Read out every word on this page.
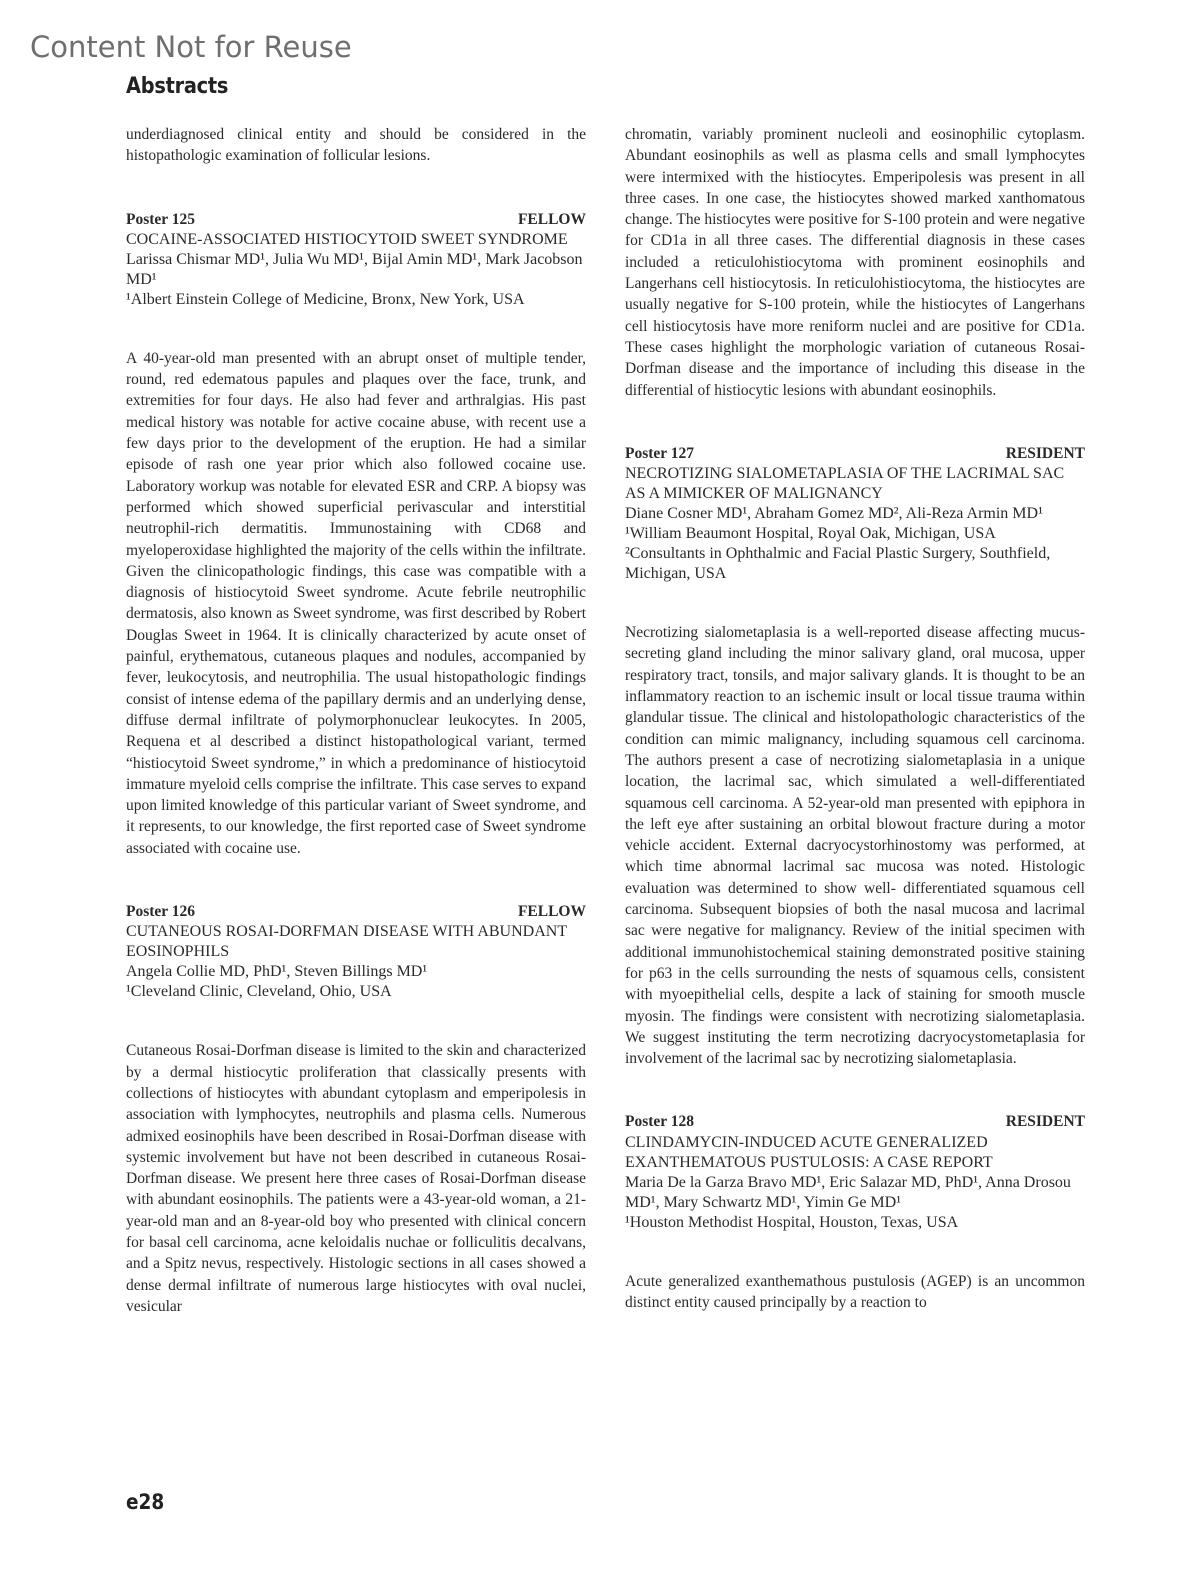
Content Not for Reuse
Abstracts

underdiagnosed clinical entity and should be considered in the histopathologic examination of follicular lesions.

Poster 125	FELLOW
COCAINE-ASSOCIATED HISTIOCYTOID SWEET SYNDROME
Larissa Chismar MD¹, Julia Wu MD¹, Bijal Amin MD¹, Mark Jacobson MD¹
¹Albert Einstein College of Medicine, Bronx, New York, USA

A 40-year-old man presented with an abrupt onset of multiple tender, round, red edematous papules and plaques over the face, trunk, and extremities for four days. He also had fever and arthralgias. His past medical history was notable for active cocaine abuse, with recent use a few days prior to the development of the eruption. He had a similar episode of rash one year prior which also followed cocaine use. Laboratory workup was notable for elevated ESR and CRP. A biopsy was performed which showed superficial perivascular and interstitial neutrophil-rich dermatitis. Immunostaining with CD68 and myeloperoxidase highlighted the majority of the cells within the infiltrate. Given the clinicopathologic findings, this case was compatible with a diagnosis of histiocytoid Sweet syndrome. Acute febrile neutrophilic dermatosis, also known as Sweet syndrome, was first described by Robert Douglas Sweet in 1964. It is clinically characterized by acute onset of painful, erythematous, cutaneous plaques and nodules, accompanied by fever, leukocytosis, and neutrophilia. The usual histopathologic findings consist of intense edema of the papillary dermis and an underlying dense, diffuse dermal infiltrate of polymorphonuclear leukocytes. In 2005, Requena et al described a distinct histopathological variant, termed “histiocytoid Sweet syndrome,” in which a predominance of histiocytoid immature myeloid cells comprise the infiltrate. This case serves to expand upon limited knowledge of this particular variant of Sweet syndrome, and it represents, to our knowledge, the first reported case of Sweet syndrome associated with cocaine use.

Poster 126	FELLOW
CUTANEOUS ROSAI-DORFMAN DISEASE WITH ABUNDANT EOSINOPHILS
Angela Collie MD, PhD¹, Steven Billings MD¹
¹Cleveland Clinic, Cleveland, Ohio, USA

Cutaneous Rosai-Dorfman disease is limited to the skin and characterized by a dermal histiocytic proliferation that classically presents with collections of histiocytes with abundant cytoplasm and emperipolesis in association with lymphocytes, neutrophils and plasma cells. Numerous admixed eosinophils have been described in Rosai-Dorfman disease with systemic involvement but have not been described in cutaneous Rosai-Dorfman disease. We present here three cases of Rosai-Dorfman disease with abundant eosinophils. The patients were a 43-year-old woman, a 21-year-old man and an 8-year-old boy who presented with clinical concern for basal cell carcinoma, acne keloidalis nuchae or folliculitis decalvans, and a Spitz nevus, respectively. Histologic sections in all cases showed a dense dermal infiltrate of numerous large histiocytes with oval nuclei, vesicular

chromatin, variably prominent nucleoli and eosinophilic cytoplasm. Abundant eosinophils as well as plasma cells and small lymphocytes were intermixed with the histiocytes. Emperipolesis was present in all three cases. In one case, the histiocytes showed marked xanthomatous change. The histiocytes were positive for S-100 protein and were negative for CD1a in all three cases. The differential diagnosis in these cases included a reticulohistiocytoma with prominent eosinophils and Langerhans cell histiocytosis. In reticulohistiocytoma, the histiocytes are usually negative for S-100 protein, while the histiocytes of Langerhans cell histiocytosis have more reniform nuclei and are positive for CD1a. These cases highlight the morphologic variation of cutaneous Rosai-Dorfman disease and the importance of including this disease in the differential of histiocytic lesions with abundant eosinophils.

Poster 127	RESIDENT
NECROTIZING SIALOMETAPLASIA OF THE LACRIMAL SAC AS A MIMICKER OF MALIGNANCY
Diane Cosner MD¹, Abraham Gomez MD², Ali-Reza Armin MD¹
¹William Beaumont Hospital, Royal Oak, Michigan, USA
²Consultants in Ophthalmic and Facial Plastic Surgery, Southfield, Michigan, USA

Necrotizing sialometaplasia is a well-reported disease affecting mucus-secreting gland including the minor salivary gland, oral mucosa, upper respiratory tract, tonsils, and major salivary glands. It is thought to be an inflammatory reaction to an ischemic insult or local tissue trauma within glandular tissue. The clinical and histolopathologic characteristics of the condition can mimic malignancy, including squamous cell carcinoma. The authors present a case of necrotizing sialometaplasia in a unique location, the lacrimal sac, which simulated a well-differentiated squamous cell carcinoma. A 52-year-old man presented with epiphora in the left eye after sustaining an orbital blowout fracture during a motor vehicle accident. External dacryocystorhinostomy was performed, at which time abnormal lacrimal sac mucosa was noted. Histologic evaluation was determined to show well- differentiated squamous cell carcinoma. Subsequent biopsies of both the nasal mucosa and lacrimal sac were negative for malignancy. Review of the initial specimen with additional immunohistochemical staining demonstrated positive staining for p63 in the cells surrounding the nests of squamous cells, consistent with myoepithelial cells, despite a lack of staining for smooth muscle myosin. The findings were consistent with necrotizing sialometaplasia. We suggest instituting the term necrotizing dacryocystometaplasia for involvement of the lacrimal sac by necrotizing sialometaplasia.

Poster 128	RESIDENT
CLINDAMYCIN-INDUCED ACUTE GENERALIZED EXANTHEMATOUS PUSTULOSIS: A CASE REPORT
Maria De la Garza Bravo MD¹, Eric Salazar MD, PhD¹, Anna Drosou MD¹, Mary Schwartz MD¹, Yimin Ge MD¹
¹Houston Methodist Hospital, Houston, Texas, USA

Acute generalized exanthemathous pustulosis (AGEP) is an uncommon distinct entity caused principally by a reaction to

e28
